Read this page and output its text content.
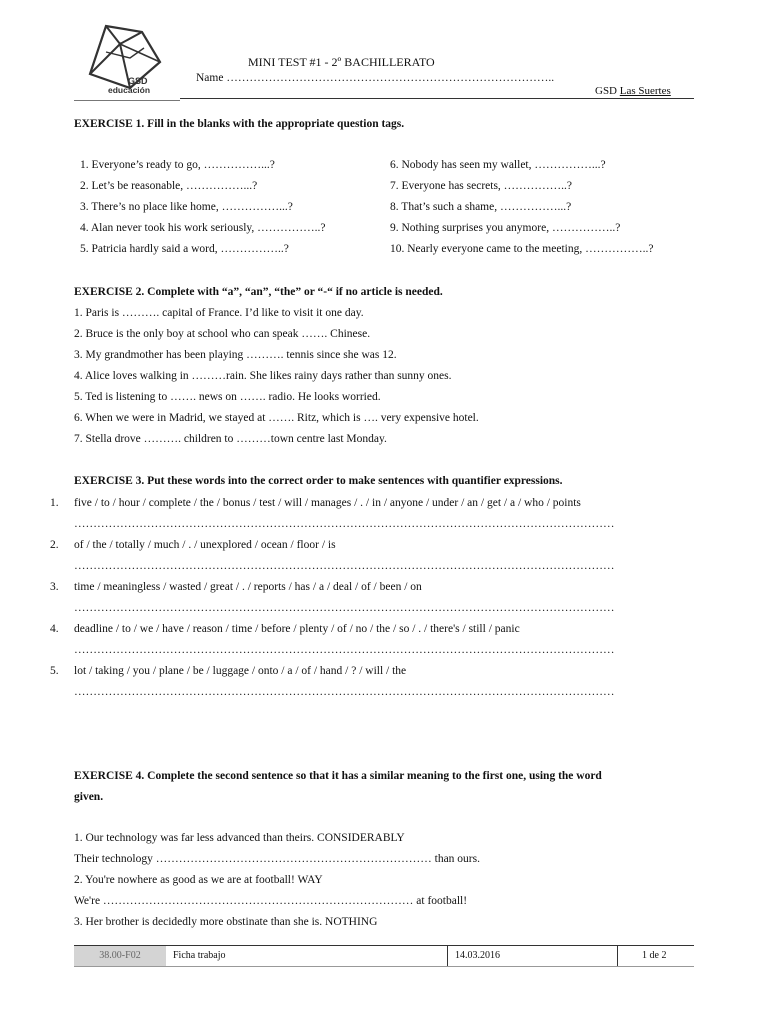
GSD
educación
MINI TEST #1 - 2º BACHILLERATO
Name …………………………………………………………………………..
GSD Las Suertes
EXERCISE 1. Fill in the blanks with the appropriate question tags.
1. Everyone’s ready to go, ……………...?
2. Let’s be reasonable, ……………...?
3. There’s no place like home, ……………...?
4. Alan never took his work seriously, ……………..?
5. Patricia hardly said a word, ……………..?
6. Nobody has seen my wallet, ……………...?
7. Everyone has secrets, ……………..?
8. That’s such a shame, ……………...?
9. Nothing surprises you anymore, ……………..?
10. Nearly everyone came to the meeting, ……………..?
EXERCISE 2. Complete with “a”, “an”, “the” or “-“ if no article is needed.
1. Paris is ………. capital of France. I’d like to visit it one day.
2. Bruce is the only boy at school who can speak ……. Chinese.
3. My grandmother has been playing ………. tennis since she was 12.
4. Alice loves walking in ………rain. She likes rainy days rather than sunny ones.
5. Ted is listening to ……. news on ……. radio. He looks worried.
6. When we were in Madrid, we stayed at ……. Ritz, which is …. very expensive hotel.
7. Stella drove ………. children to ………town centre last Monday.
EXERCISE 3. Put these words into the correct order to make sentences with quantifier expressions.
1. five / to / hour / complete / the / bonus / test / will / manages / . / in / anyone / under / an / get / a / who / points
……………………………………………………………………………………………………………………………
2. of / the / totally / much / . / unexplored / ocean / floor / is
……………………………………………………………………………………………………………………………
3. time / meaningless / wasted / great / . / reports / has / a / deal / of / been / on
……………………………………………………………………………………………………………………………
4. deadline / to / we / have / reason / time / before / plenty / of / no / the / so / . / there's / still / panic
……………………………………………………………………………………………………………………………
5. lot / taking / you / plane / be / luggage / onto / a / of / hand / ? / will / the
……………………………………………………………………………………………………………………………
EXERCISE 4. Complete the second sentence so that it has a similar meaning to the first one, using the word
given.
1. Our technology was far less advanced than theirs. CONSIDERABLY
Their technology ……………………………………………………………… than ours.
2. You're nowhere as good as we are at football! WAY
We're ……………………………………………………………………… at football!
3. Her brother is decidedly more obstinate than she is. NOTHING
38.00-F02	Ficha trabajo	14.03.2016	1 de 2
